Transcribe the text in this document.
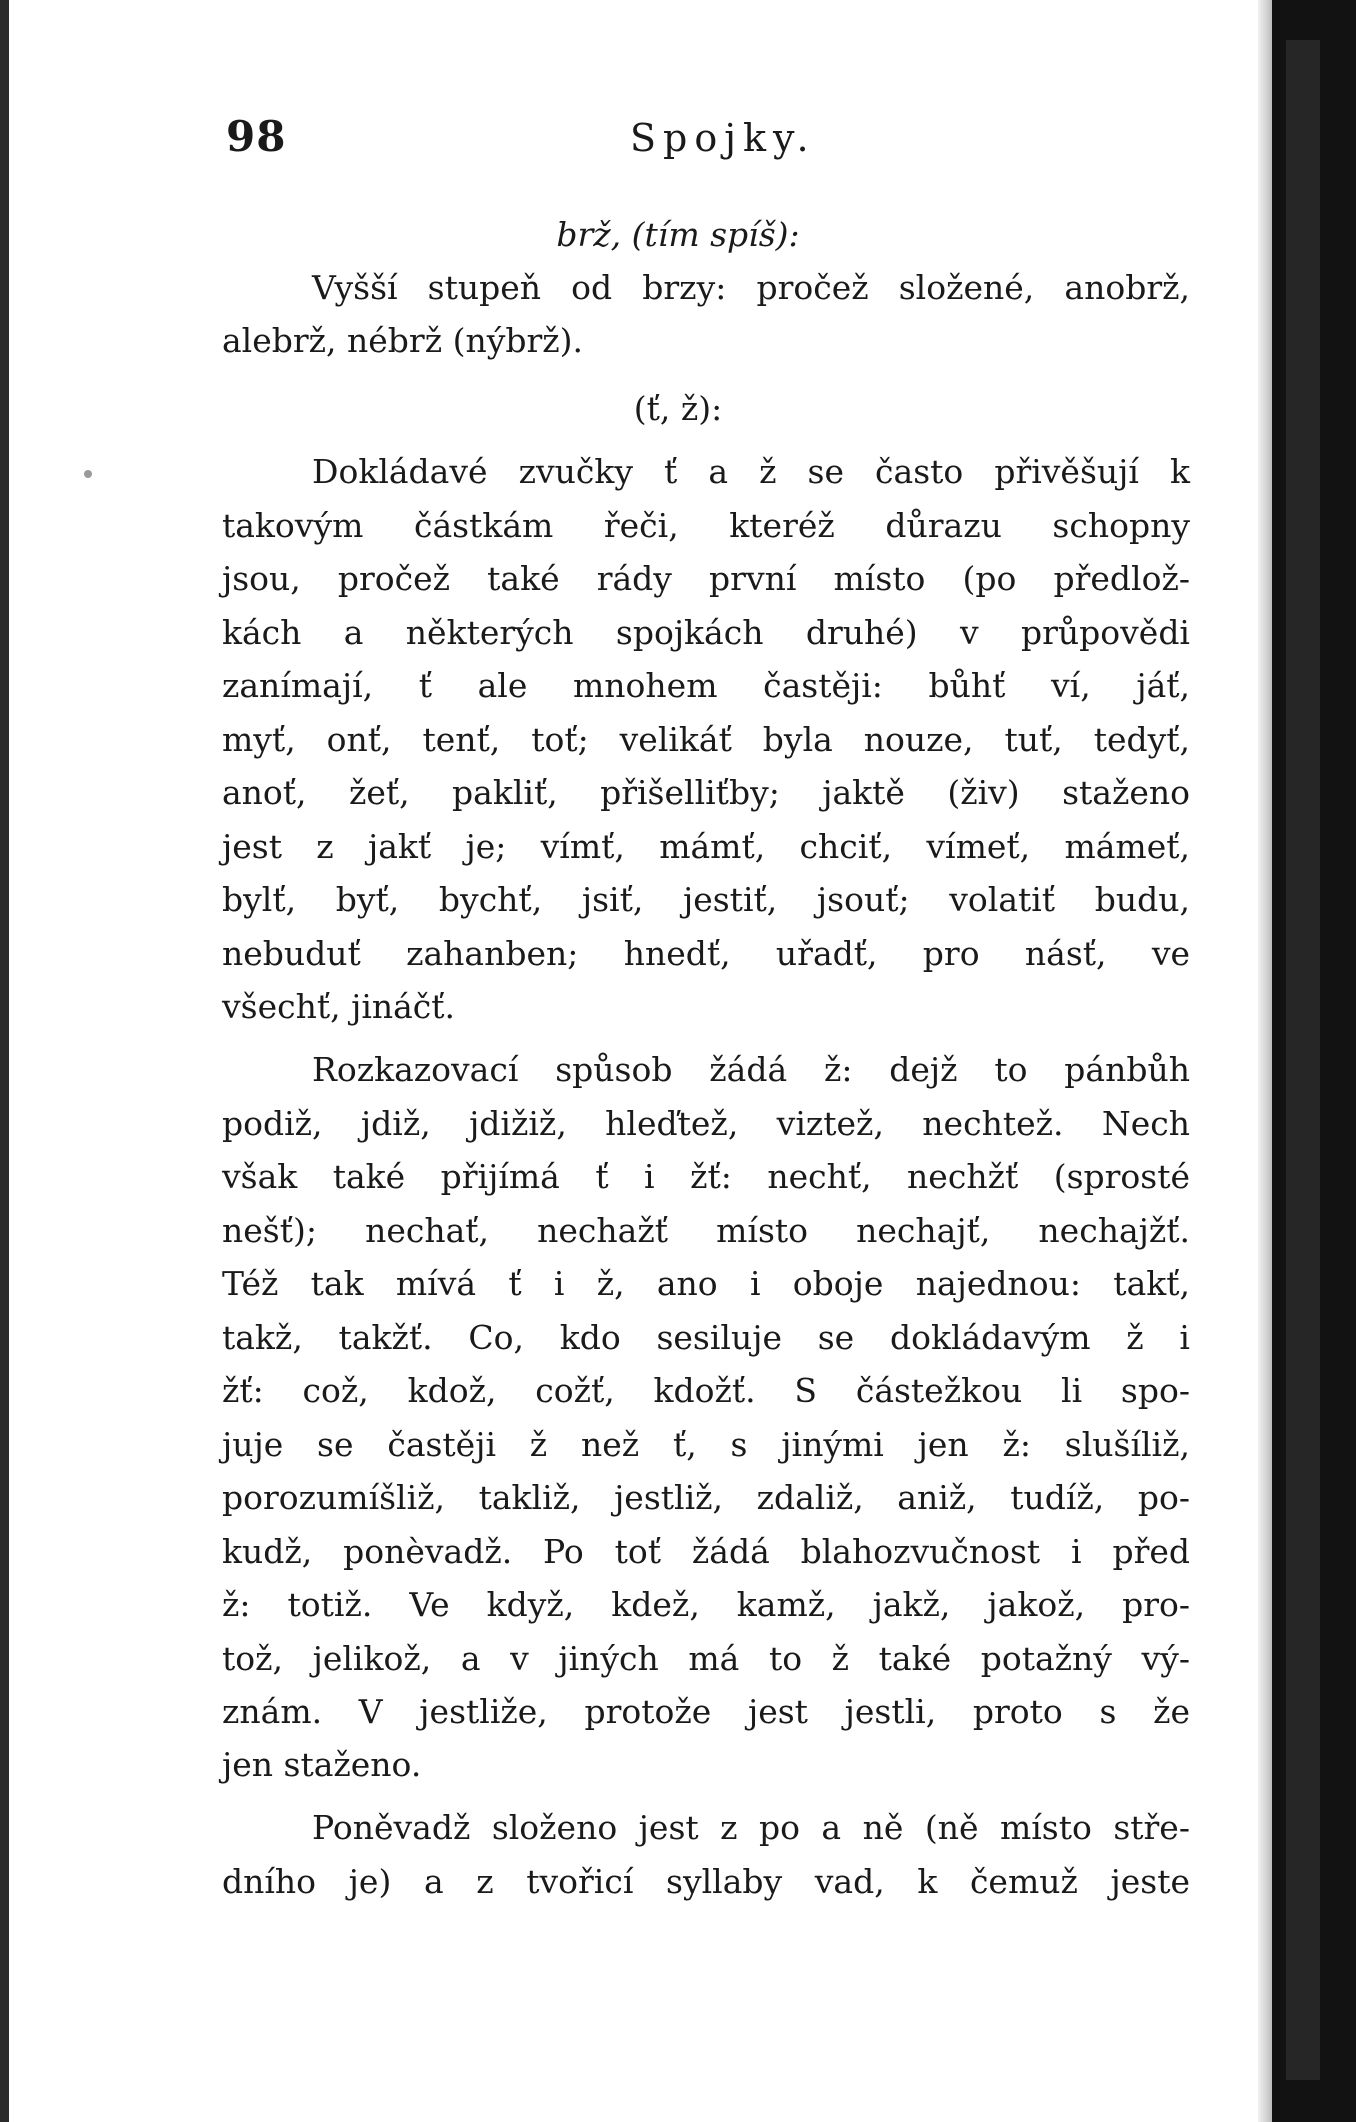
98	Spojky.
brž, (tím spíš):
Vyšší stupeň od brzy: pročež složené, anobrž,
alebrž, nébrž (nýbrž).
(ť, ž):
Dokládavé zvučky ť a ž se často přivěšují k
takovým částkám řeči, kteréž důrazu schopny
jsou, pročež také rády první místo (po předlož-
kách a některých spojkách druhé) v průpovědi
zanímají, ť ale mnohem častěji: bůhť ví, jáť,
myť, onť, tenť, toť; velikáť byla nouze, tuť, tedyť,
anoť, žeť, pakliť, přišelliťby; jaktě (živ) staženo
jest z jakť je; vímť, mámť, chciť, vímeť, mámeť,
bylť, byť, bychť, jsiť, jestiť, jsouť; volatiť budu,
nebuduť zahanben; hnedť, uřadť, pro násť, ve
všechť, jináčť.
Rozkazovací spůsob žádá ž: dejž to pánbůh
podiž, jdiž, jdižiž, hleďtež, viztež, nechtež. Nech
však také přijímá ť i žť: nechť, nechžť (sprosté
nešť); nechať, nechažť místo nechajť, nechajžť.
Též tak mívá ť i ž, ano i oboje najednou: takť,
takž, takžť. Co, kdo sesiluje se dokládavým ž i
žť: což, kdož, cožť, kdožť. S částežkou li spo-
juje se častěji ž než ť, s jinými jen ž: slušíliž,
porozumíšliž, takliž, jestliž, zdaliž, aniž, tudíž, po-
kudž, ponèvadž. Po toť žádá blahozvučnost i před
ž: totiž. Ve když, kdež, kamž, jakž, jakož, pro-
tož, jelikož, a v jiných má to ž také potažný vý-
znám. V jestliže, protože jest jestli, proto s že
jen staženo.
Poněvadž složeno jest z po a ně (ně místo stře-
dního je) a z tvořicí syllaby vad, k čemuž jeste
